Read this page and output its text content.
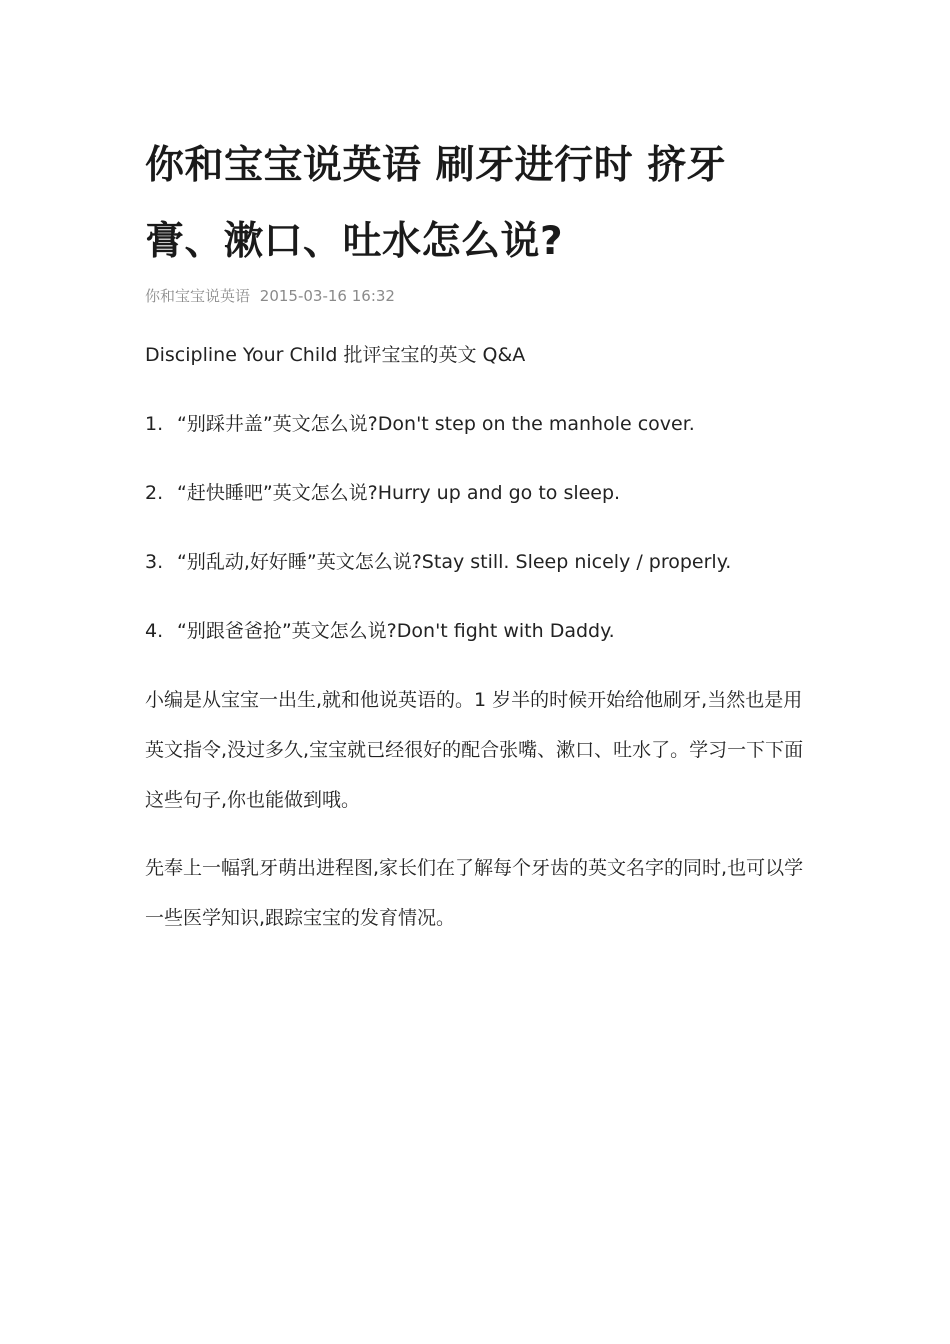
你和宝宝说英语 刷牙进行时 挤牙膏、漱口、吐水怎么说?
你和宝宝说英语 2015-03-16 16:32
Discipline Your Child 批评宝宝的英文 Q&A
1. “别踩井盖”英文怎么说?Don't step on the manhole cover.
2. “赶快睡吧”英文怎么说?Hurry up and go to sleep.
3. “别乱动,好好睡”英文怎么说?Stay still. Sleep nicely / properly.
4. “别跟爸爸抢”英文怎么说?Don't fight with Daddy.

小编是从宝宝一出生,就和他说英语的。1 岁半的时候开始给他刷牙,当然也是用英文指令,没过多久,宝宝就已经很好的配合张嘴、漱口、吐水了。学习一下下面这些句子,你也能做到哦。

先奉上一幅乳牙萌出进程图,家长们在了解每个牙齿的英文名字的同时,也可以学一些医学知识,跟踪宝宝的发育情况。
